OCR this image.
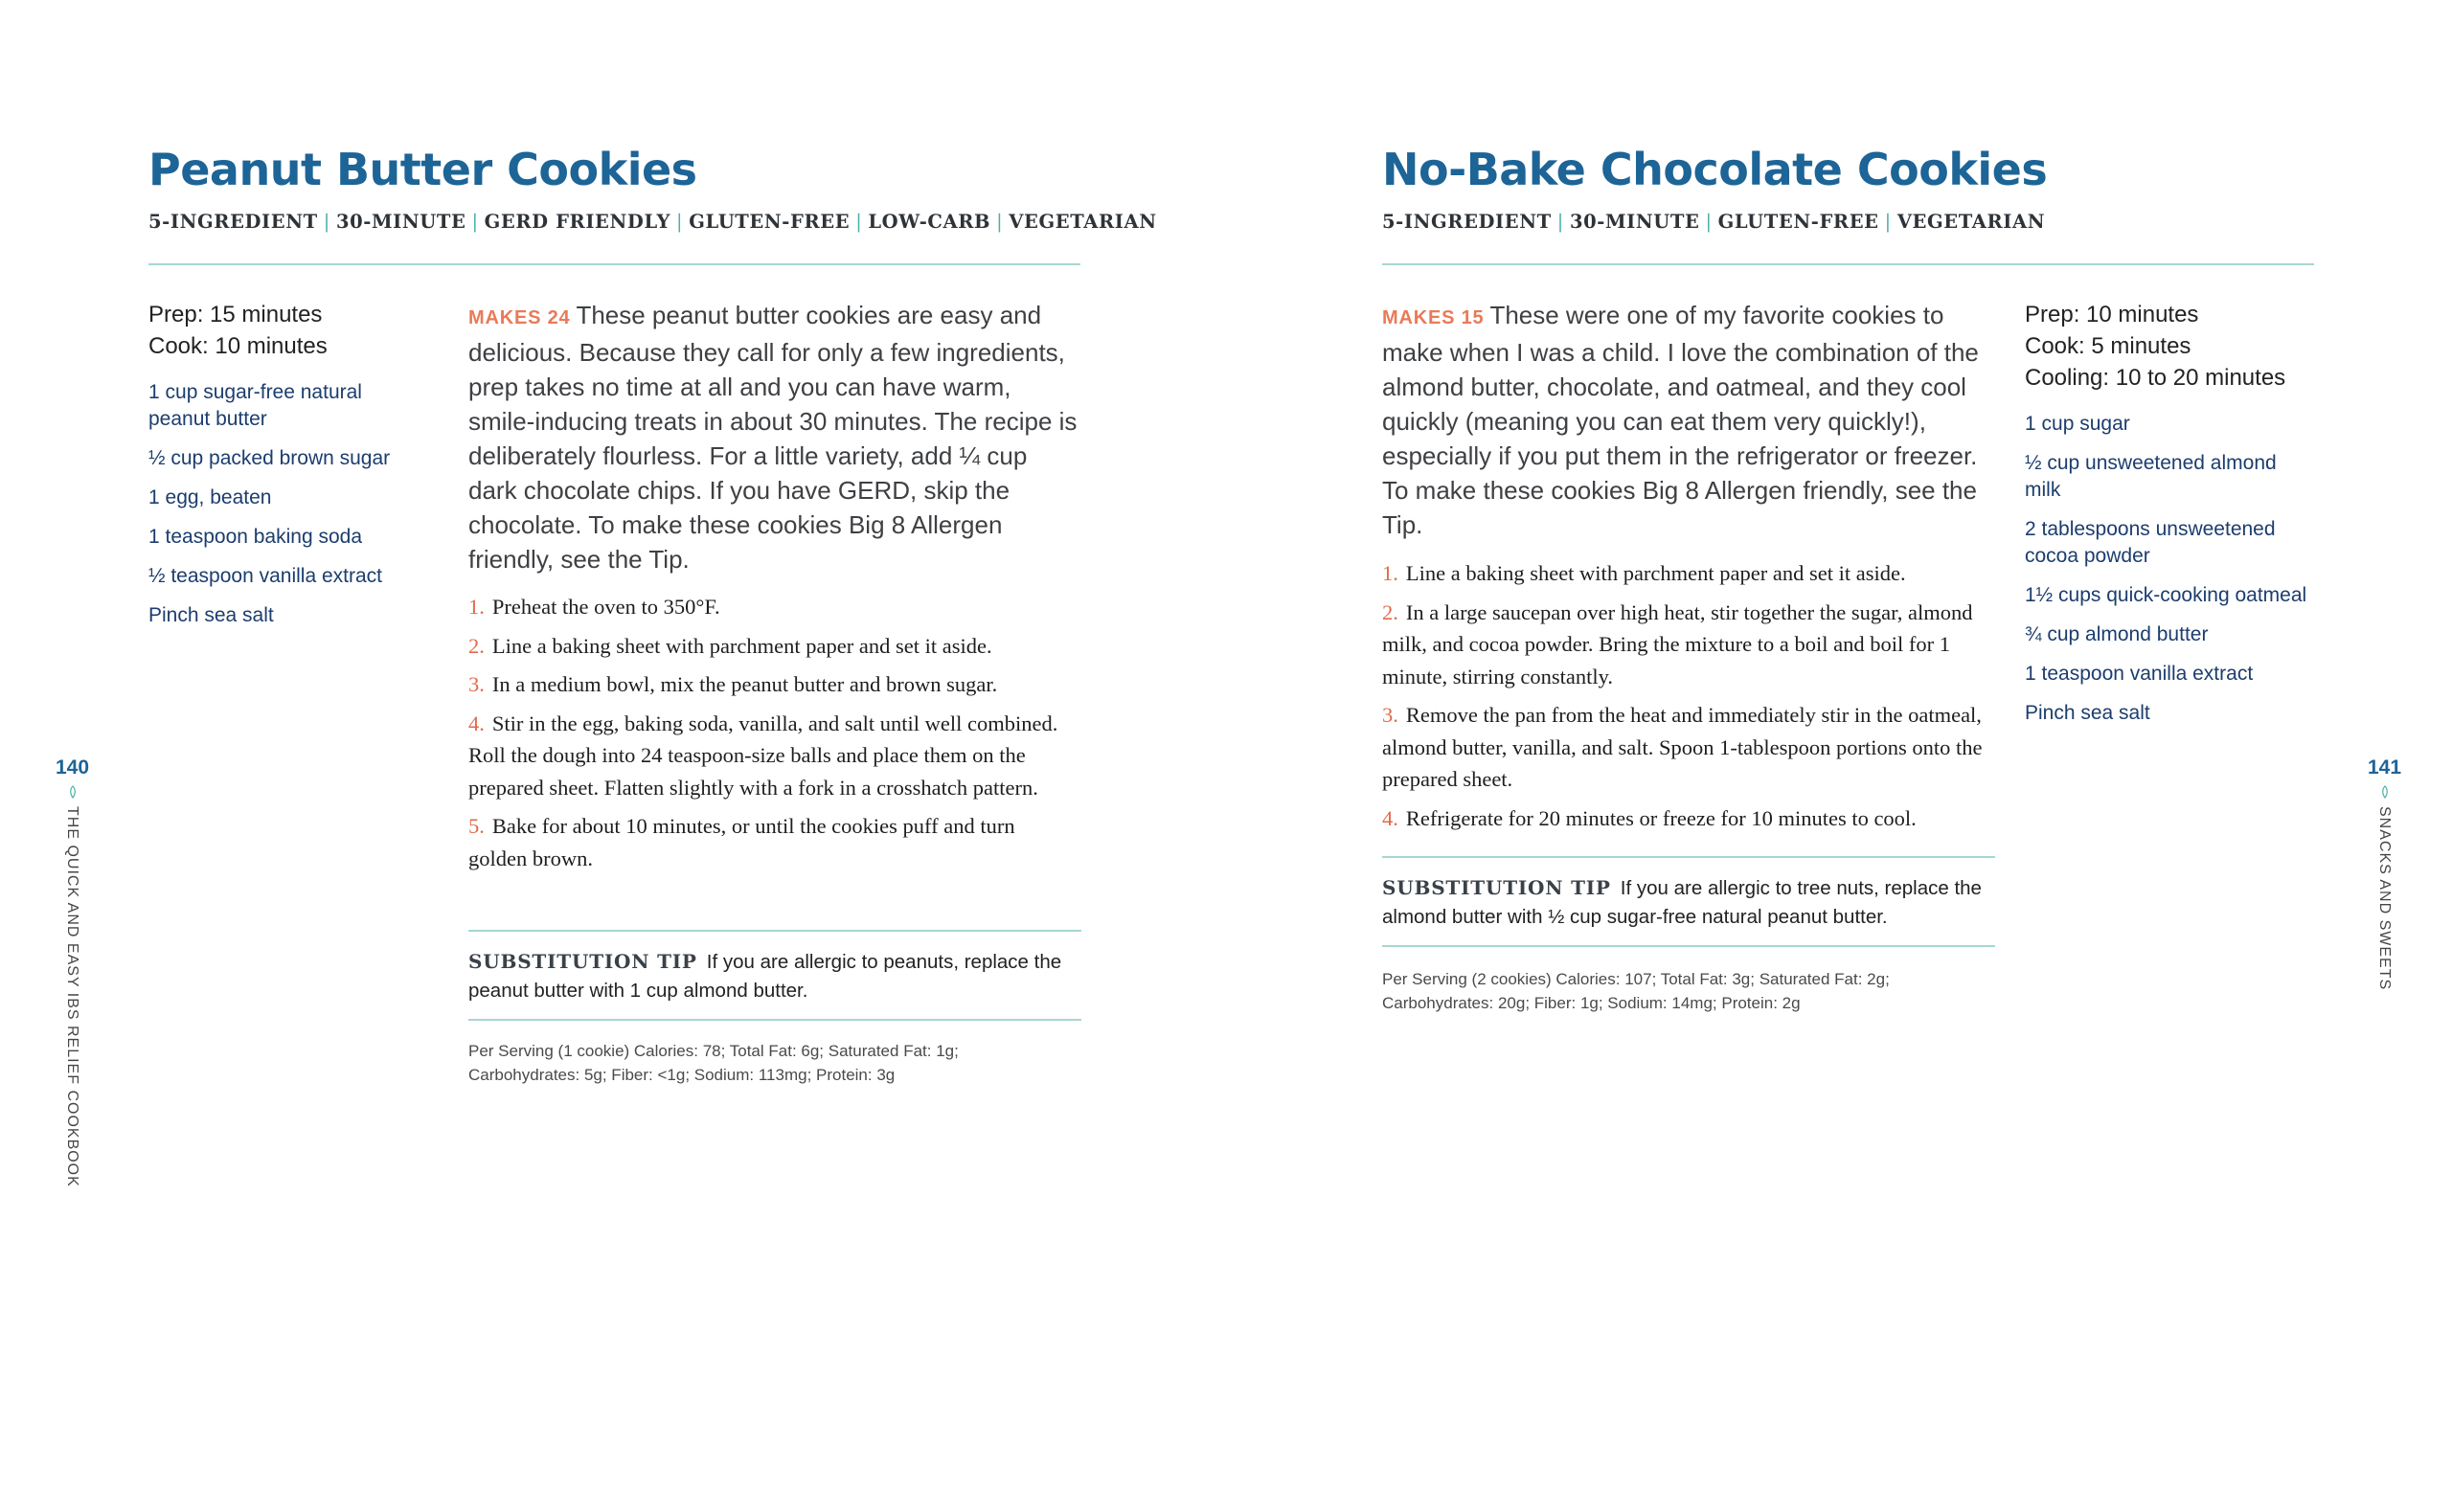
Peanut Butter Cookies
5-INGREDIENT | 30-MINUTE | GERD FRIENDLY | GLUTEN-FREE | LOW-CARB | VEGETARIAN
Prep: 15 minutes
Cook: 10 minutes
1 cup sugar-free natural peanut butter
½ cup packed brown sugar
1 egg, beaten
1 teaspoon baking soda
½ teaspoon vanilla extract
Pinch sea salt

MAKES 24 These peanut butter cookies are easy and delicious. Because they call for only a few ingredients, prep takes no time at all and you can have warm, smile-inducing treats in about 30 minutes. The recipe is deliberately flourless. For a little variety, add ¼ cup dark chocolate chips. If you have GERD, skip the chocolate. To make these cookies Big 8 Allergen friendly, see the Tip.

1. Preheat the oven to 350°F.
2. Line a baking sheet with parchment paper and set it aside.
3. In a medium bowl, mix the peanut butter and brown sugar.
4. Stir in the egg, baking soda, vanilla, and salt until well combined. Roll the dough into 24 teaspoon-size balls and place them on the prepared sheet. Flatten slightly with a fork in a crosshatch pattern.
5. Bake for about 10 minutes, or until the cookies puff and turn golden brown.
SUBSTITUTION TIP If you are allergic to peanuts, replace the peanut butter with 1 cup almond butter.
Per Serving (1 cookie) Calories: 78; Total Fat: 6g; Saturated Fat: 1g;
Carbohydrates: 5g; Fiber: <1g; Sodium: 113mg; Protein: 3g
140
THE QUICK AND EASY IBS RELIEF COOKBOOK
No-Bake Chocolate Cookies
5-INGREDIENT | 30-MINUTE | GLUTEN-FREE | VEGETARIAN

MAKES 15 These were one of my favorite cookies to make when I was a child. I love the combination of the almond butter, chocolate, and oatmeal, and they cool quickly (meaning you can eat them very quickly!), especially if you put them in the refrigerator or freezer. To make these cookies Big 8 Allergen friendly, see the Tip.

1. Line a baking sheet with parchment paper and set it aside.
2. In a large saucepan over high heat, stir together the sugar, almond milk, and cocoa powder. Bring the mixture to a boil and boil for 1 minute, stirring constantly.
3. Remove the pan from the heat and immediately stir in the oatmeal, almond butter, vanilla, and salt. Spoon 1-tablespoon portions onto the prepared sheet.
4. Refrigerate for 20 minutes or freeze for 10 minutes to cool.
SUBSTITUTION TIP If you are allergic to tree nuts, replace the almond butter with ½ cup sugar-free natural peanut butter.
Per Serving (2 cookies) Calories: 107; Total Fat: 3g; Saturated Fat: 2g;
Carbohydrates: 20g; Fiber: 1g; Sodium: 14mg; Protein: 2g
Prep: 10 minutes
Cook: 5 minutes
Cooling: 10 to 20 minutes
1 cup sugar
½ cup unsweetened almond milk
2 tablespoons unsweetened cocoa powder
1½ cups quick-cooking oatmeal
¾ cup almond butter
1 teaspoon vanilla extract
Pinch sea salt
141
SNACKS AND SWEETS
